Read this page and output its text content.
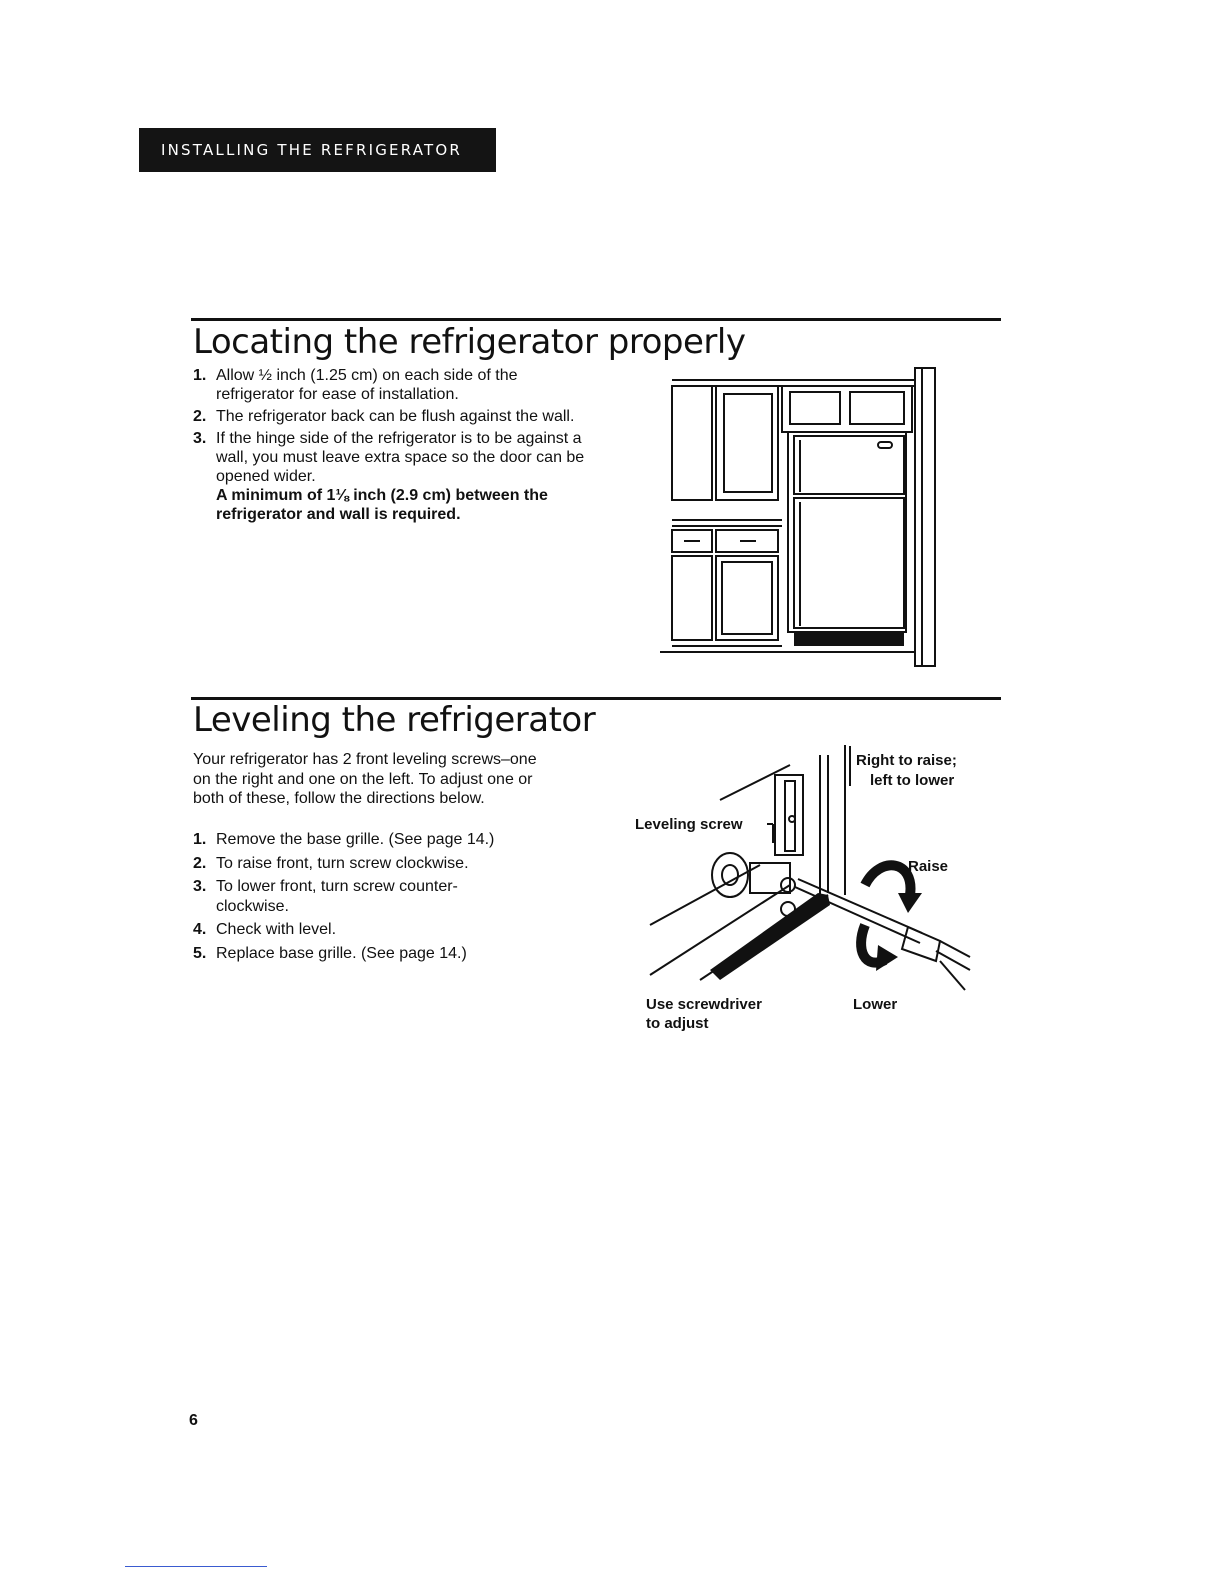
INSTALLING THE REFRIGERATOR
Locating the refrigerator properly
1. Allow ½ inch (1.25 cm) on each side of the refrigerator for ease of installation.
2. The refrigerator back can be flush against the wall.
3. If the hinge side of the refrigerator is to be against a wall, you must leave extra space so the door can be opened wider.
A minimum of 1⅛ inch (2.9 cm) between the refrigerator and wall is required.
Leveling the refrigerator

Your refrigerator has 2 front leveling screws–one on the right and one on the left. To adjust one or both of these, follow the directions below.

1. Remove the base grille. (See page 14.)
2. To raise front, turn screw clockwise.
3. To lower front, turn screw counter-clockwise.
4. Check with level.
5. Replace base grille. (See page 14.)
Leveling screw
Right to raise;
left to lower
Raise
Lower
Use screwdriver
to adjust
6
